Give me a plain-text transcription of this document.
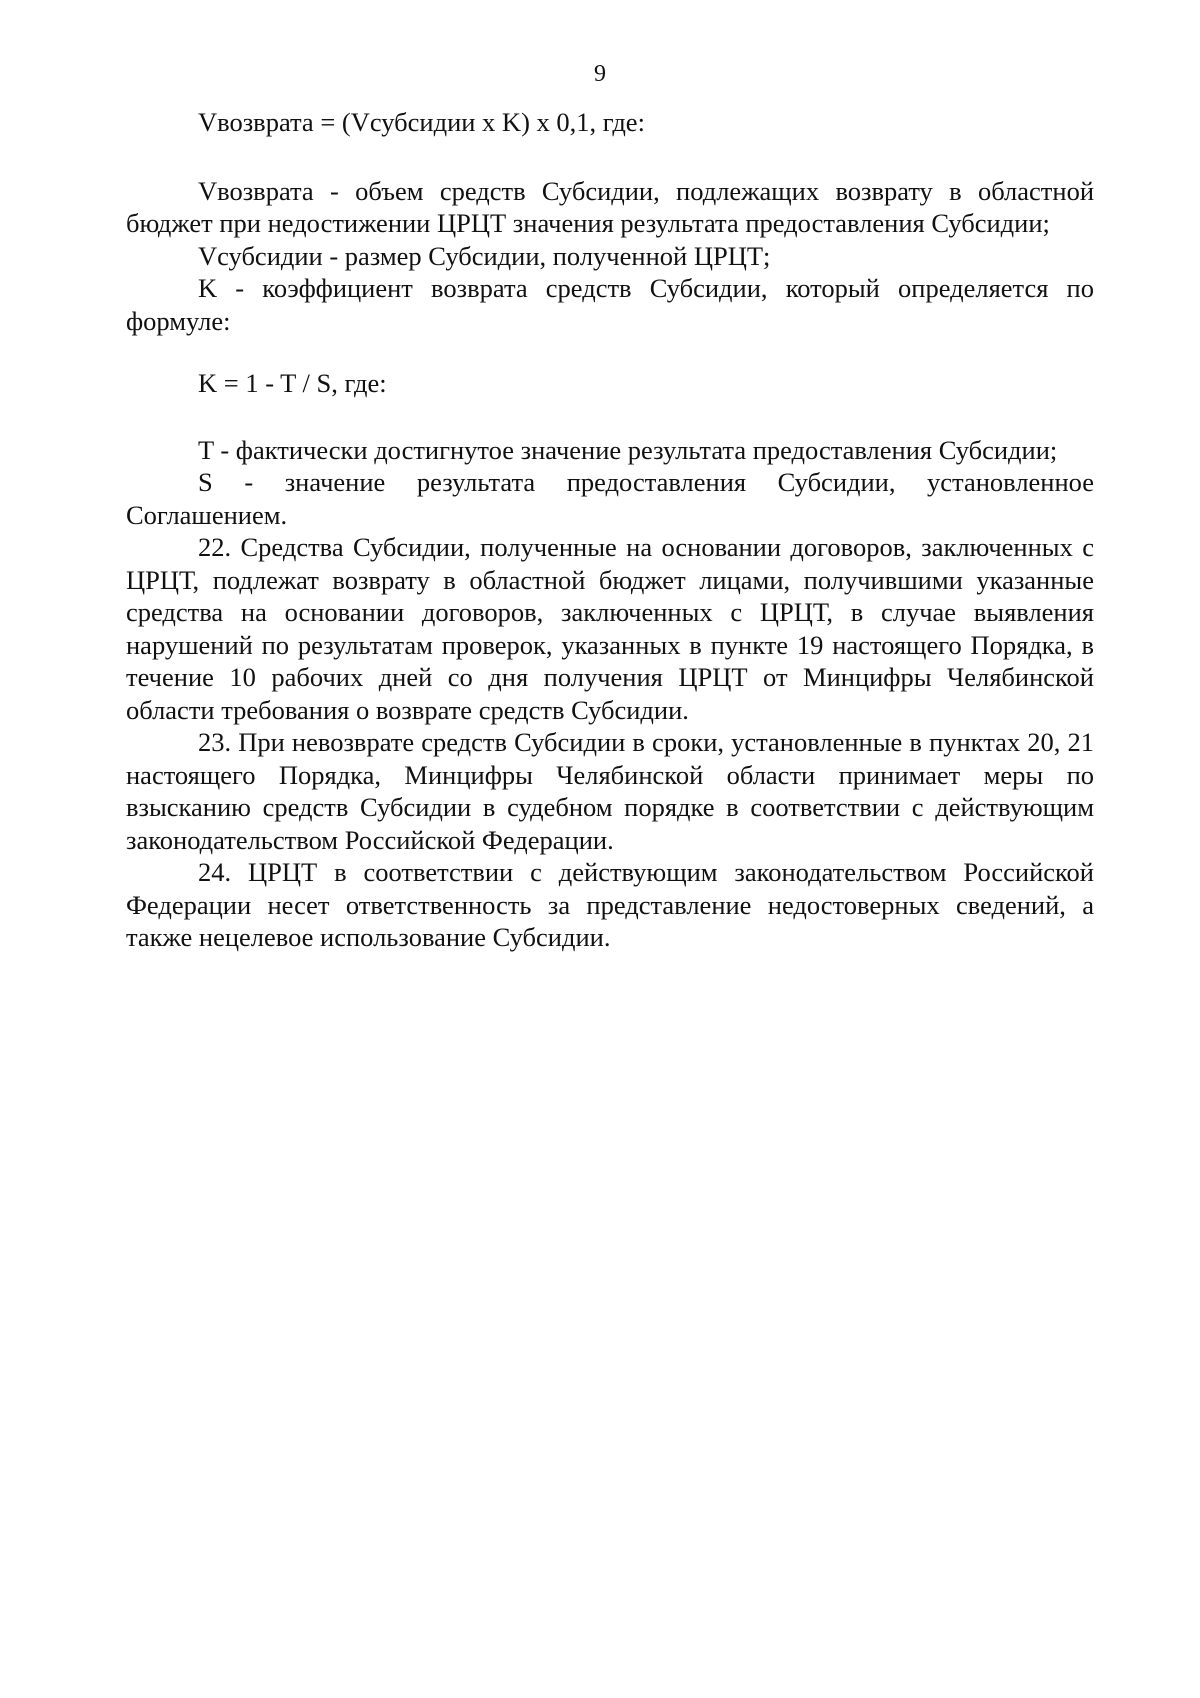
9

Vвозврата = (Vсубсидии x K) x 0,1, где:

Vвозврата - объем средств Субсидии, подлежащих возврату в областной бюджет при недостижении ЦРЦТ значения результата предоставления Субсидии;

Vсубсидии - размер Субсидии, полученной ЦРЦТ;

K - коэффициент возврата средств Субсидии, который определяется по формуле:

K = 1 - T / S, где:

T - фактически достигнутое значение результата предоставления Субсидии;

S - значение результата предоставления Субсидии, установленное Соглашением.

22. Средства Субсидии, полученные на основании договоров, заключенных с ЦРЦТ, подлежат возврату в областной бюджет лицами, получившими указанные средства на основании договоров, заключенных с ЦРЦТ, в случае выявления нарушений по результатам проверок, указанных в пункте 19 настоящего Порядка, в течение 10 рабочих дней со дня получения ЦРЦТ от Минцифры Челябинской области требования о возврате средств Субсидии.

23. При невозврате средств Субсидии в сроки, установленные в пунктах 20, 21 настоящего Порядка, Минцифры Челябинской области принимает меры по взысканию средств Субсидии в судебном порядке в соответствии с действующим законодательством Российской Федерации.

24. ЦРЦТ в соответствии с действующим законодательством Российской Федерации несет ответственность за представление недостоверных сведений, а также нецелевое использование Субсидии.
